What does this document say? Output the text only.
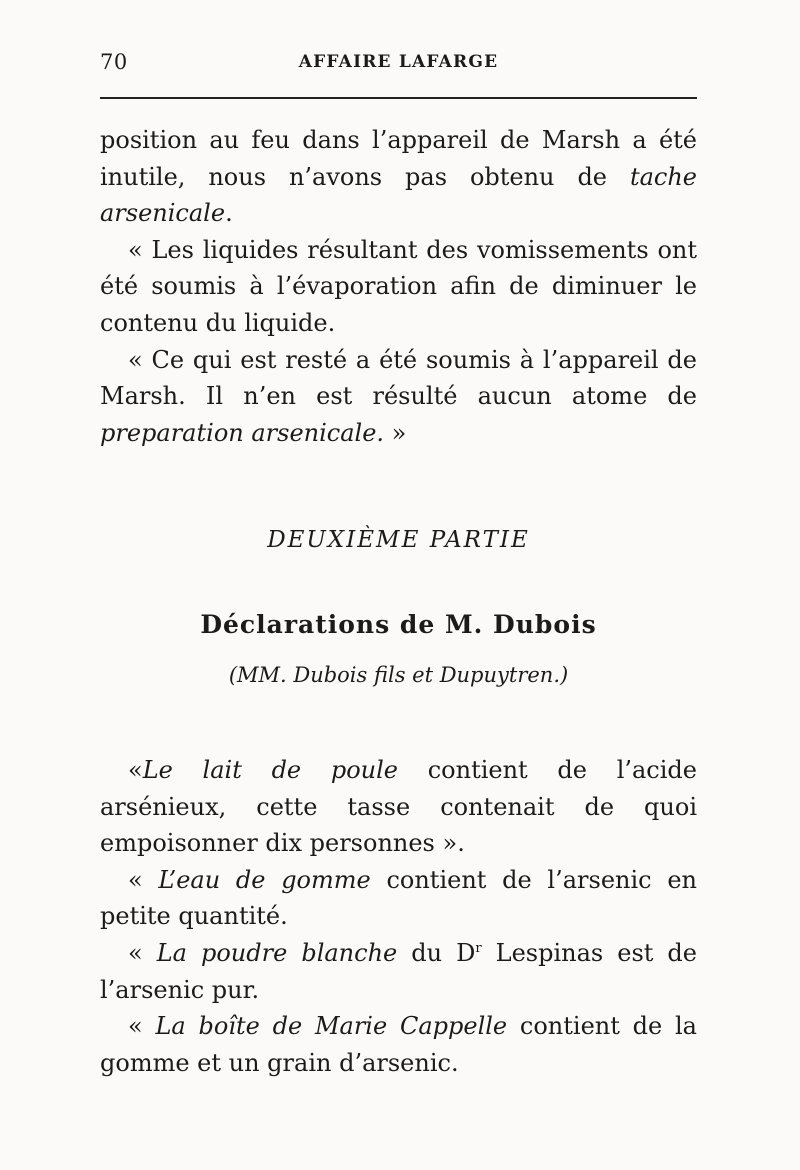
70	AFFAIRE LAFARGE

position au feu dans l’appareil de Marsh a été inutile, nous n’avons pas obtenu de tache arsenicale.

« Les liquides résultant des vomissements ont été soumis à l’évaporation afin de diminuer le contenu du liquide.

« Ce qui est resté a été soumis à l’appareil de Marsh. Il n’en est résulté aucun atome de preparation arsenicale. »

DEUXIÈME PARTIE
Déclarations de M. Dubois
(MM. Dubois fils et Dupuytren.)

«Le lait de poule contient de l’acide arsénieux, cette tasse contenait de quoi empoisonner dix personnes ».

« L’eau de gomme contient de l’arsenic en petite quantité.

« La poudre blanche du $D^r$ Lespinas est de l’arsenic pur.

« La boîte de Marie Cappelle contient de la gomme et un grain d’arsenic.
